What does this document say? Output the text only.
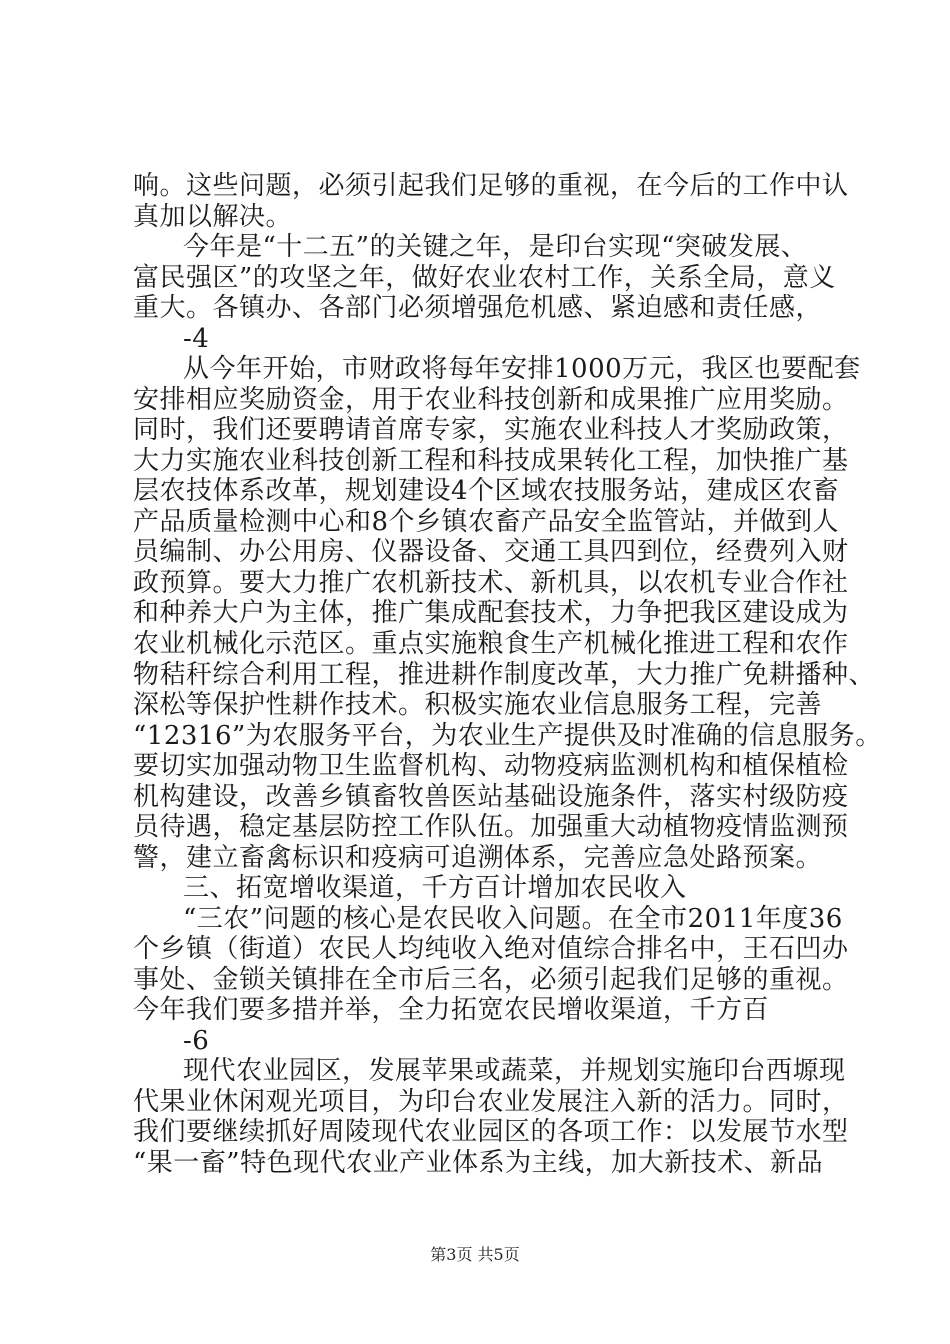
响。这些问题，必须引起我们足够的重视，在今后的工作中认
真加以解决。
今年是“十二五”的关键之年，是印台实现“突破发展、
富民强区”的攻坚之年，做好农业农村工作，关系全局，意义
重大。各镇办、各部门必须增强危机感、紧迫感和责任感，
-4
从今年开始，市财政将每年安排1000万元，我区也要配套
安排相应奖励资金，用于农业科技创新和成果推广应用奖励。
同时，我们还要聘请首席专家，实施农业科技人才奖励政策，
大力实施农业科技创新工程和科技成果转化工程，加快推广基
层农技体系改革，规划建设4个区域农技服务站，建成区农畜
产品质量检测中心和8个乡镇农畜产品安全监管站，并做到人
员编制、办公用房、仪器设备、交通工具四到位，经费列入财
政预算。要大力推广农机新技术、新机具，以农机专业合作社
和种养大户为主体，推广集成配套技术，力争把我区建设成为
农业机械化示范区。重点实施粮食生产机械化推进工程和农作
物秸秆综合利用工程，推进耕作制度改革，大力推广免耕播种、
深松等保护性耕作技术。积极实施农业信息服务工程，完善
“12316”为农服务平台，为农业生产提供及时准确的信息服务。
要切实加强动物卫生监督机构、动物疫病监测机构和植保植检
机构建设，改善乡镇畜牧兽医站基础设施条件，落实村级防疫
员待遇，稳定基层防控工作队伍。加强重大动植物疫情监测预
警，建立畜禽标识和疫病可追溯体系，完善应急处路预案。
三、拓宽增收渠道，千方百计增加农民收入
“三农”问题的核心是农民收入问题。在全市2011年度36
个乡镇（街道）农民人均纯收入绝对值综合排名中，王石凹办
事处、金锁关镇排在全市后三名，必须引起我们足够的重视。
今年我们要多措并举，全力拓宽农民增收渠道，千方百
-6
现代农业园区，发展苹果或蔬菜，并规划实施印台西塬现
代果业休闲观光项目，为印台农业发展注入新的活力。同时，
我们要继续抓好周陵现代农业园区的各项工作：以发展节水型
“果一畜”特色现代农业产业体系为主线，加大新技术、新品
第3页 共5页
